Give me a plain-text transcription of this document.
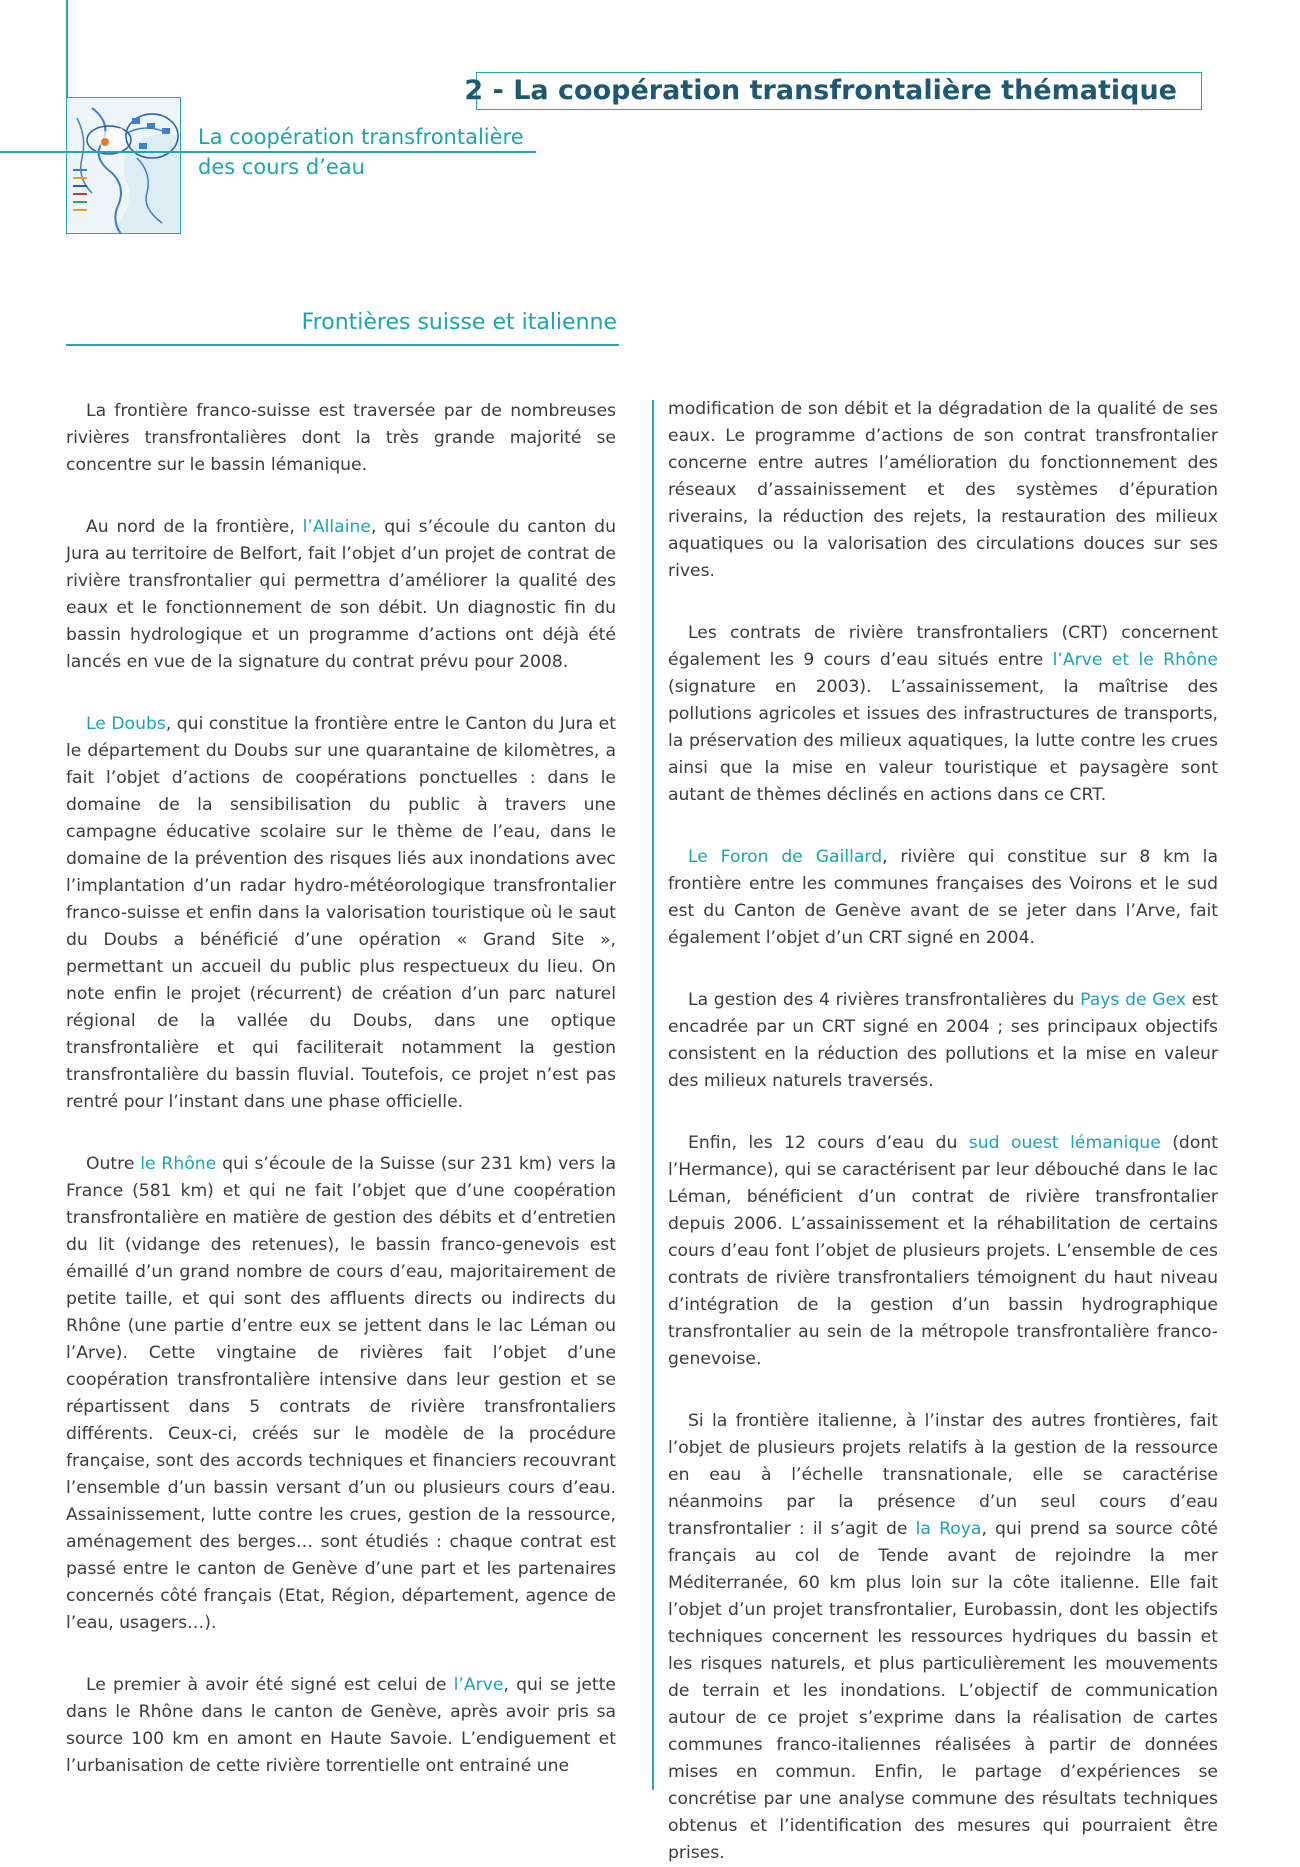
2 - La coopération transfrontalière thématique
La coopération transfrontalière
des cours d’eau
Frontières suisse et italienne

La frontière franco-suisse est traversée par de nombreuses rivières transfrontalières dont la très grande majorité se concentre sur le bassin lémanique.

Au nord de la frontière, l’Allaine, qui s’écoule du canton du Jura au territoire de Belfort, fait l’objet d’un projet de contrat de rivière transfrontalier qui permettra d’améliorer la qualité des eaux et le fonctionnement de son débit. Un diagnostic fin du bassin hydrologique et un programme d’actions ont déjà été lancés en vue de la signature du contrat prévu pour 2008.

Le Doubs, qui constitue la frontière entre le Canton du Jura et le département du Doubs sur une quarantaine de kilomètres, a fait l’objet d’actions de coopérations ponctuelles : dans le domaine de la sensibilisation du public à travers une campagne éducative scolaire sur le thème de l’eau, dans le domaine de la prévention des risques liés aux inondations avec l’implantation d’un radar hydro-météorologique transfrontalier franco-suisse et enfin dans la valorisation touristique où le saut du Doubs a bénéficié d’une opération « Grand Site », permettant un accueil du public plus respectueux du lieu. On note enfin le projet (récurrent) de création d’un parc naturel régional de la vallée du Doubs, dans une optique transfrontalière et qui faciliterait notamment la gestion transfrontalière du bassin fluvial. Toutefois, ce projet n’est pas rentré pour l’instant dans une phase officielle.

Outre le Rhône qui s’écoule de la Suisse (sur 231 km) vers la France (581 km) et qui ne fait l’objet que d’une coopération transfrontalière en matière de gestion des débits et d’entretien du lit (vidange des retenues), le bassin franco-genevois est émaillé d’un grand nombre de cours d’eau, majoritairement de petite taille, et qui sont des affluents directs ou indirects du Rhône (une partie d’entre eux se jettent dans le lac Léman ou l’Arve). Cette vingtaine de rivières fait l’objet d’une coopération transfrontalière intensive dans leur gestion et se répartissent dans 5 contrats de rivière transfrontaliers différents. Ceux-ci, créés sur le modèle de la procédure française, sont des accords techniques et financiers recouvrant l’ensemble d’un bassin versant d’un ou plusieurs cours d’eau. Assainissement, lutte contre les crues, gestion de la ressource, aménagement des berges… sont étudiés : chaque contrat est passé entre le canton de Genève d’une part et les partenaires concernés côté français (Etat, Région, département, agence de l’eau, usagers…).

Le premier à avoir été signé est celui de l’Arve, qui se jette dans le Rhône dans le canton de Genève, après avoir pris sa source 100 km en amont en Haute Savoie. L’endiguement et l’urbanisation de cette rivière torrentielle ont entrainé une

modification de son débit et la dégradation de la qualité de ses eaux. Le programme d’actions de son contrat transfrontalier concerne entre autres l’amélioration du fonctionnement des réseaux d’assainissement et des systèmes d’épuration riverains, la réduction des rejets, la restauration des milieux aquatiques ou la valorisation des circulations douces sur ses rives.

Les contrats de rivière transfrontaliers (CRT) concernent également les 9 cours d’eau situés entre l’Arve et le Rhône (signature en 2003). L’assainissement, la maîtrise des pollutions agricoles et issues des infrastructures de transports, la préservation des milieux aquatiques, la lutte contre les crues ainsi que la mise en valeur touristique et paysagère sont autant de thèmes déclinés en actions dans ce CRT.

Le Foron de Gaillard, rivière qui constitue sur 8 km la frontière entre les communes françaises des Voirons et le sud est du Canton de Genève avant de se jeter dans l’Arve, fait également l’objet d’un CRT signé en 2004.

La gestion des 4 rivières transfrontalières du Pays de Gex est encadrée par un CRT signé en 2004 ; ses principaux objectifs consistent en la réduction des pollutions et la mise en valeur des milieux naturels traversés.

Enfin, les 12 cours d’eau du sud ouest lémanique (dont l’Hermance), qui se caractérisent par leur débouché dans le lac Léman, bénéficient d’un contrat de rivière transfrontalier depuis 2006. L’assainissement et la réhabilitation de certains cours d’eau font l’objet de plusieurs projets. L’ensemble de ces contrats de rivière transfrontaliers témoignent du haut niveau d’intégration de la gestion d’un bassin hydrographique transfrontalier au sein de la métropole transfrontalière franco-genevoise.

Si la frontière italienne, à l’instar des autres frontières, fait l’objet de plusieurs projets relatifs à la gestion de la ressource en eau à l’échelle transnationale, elle se caractérise néanmoins par la présence d’un seul cours d’eau transfrontalier : il s’agit de la Roya, qui prend sa source côté français au col de Tende avant de rejoindre la mer Méditerranée, 60 km plus loin sur la côte italienne. Elle fait l’objet d’un projet transfrontalier, Eurobassin, dont les objectifs techniques concernent les ressources hydriques du bassin et les risques naturels, et plus particulièrement les mouvements de terrain et les inondations. L’objectif de communication autour de ce projet s’exprime dans la réalisation de cartes communes franco-italiennes réalisées à partir de données mises en commun. Enfin, le partage d’expériences se concrétise par une analyse commune des résultats techniques obtenus et l’identification des mesures qui pourraient être prises.
